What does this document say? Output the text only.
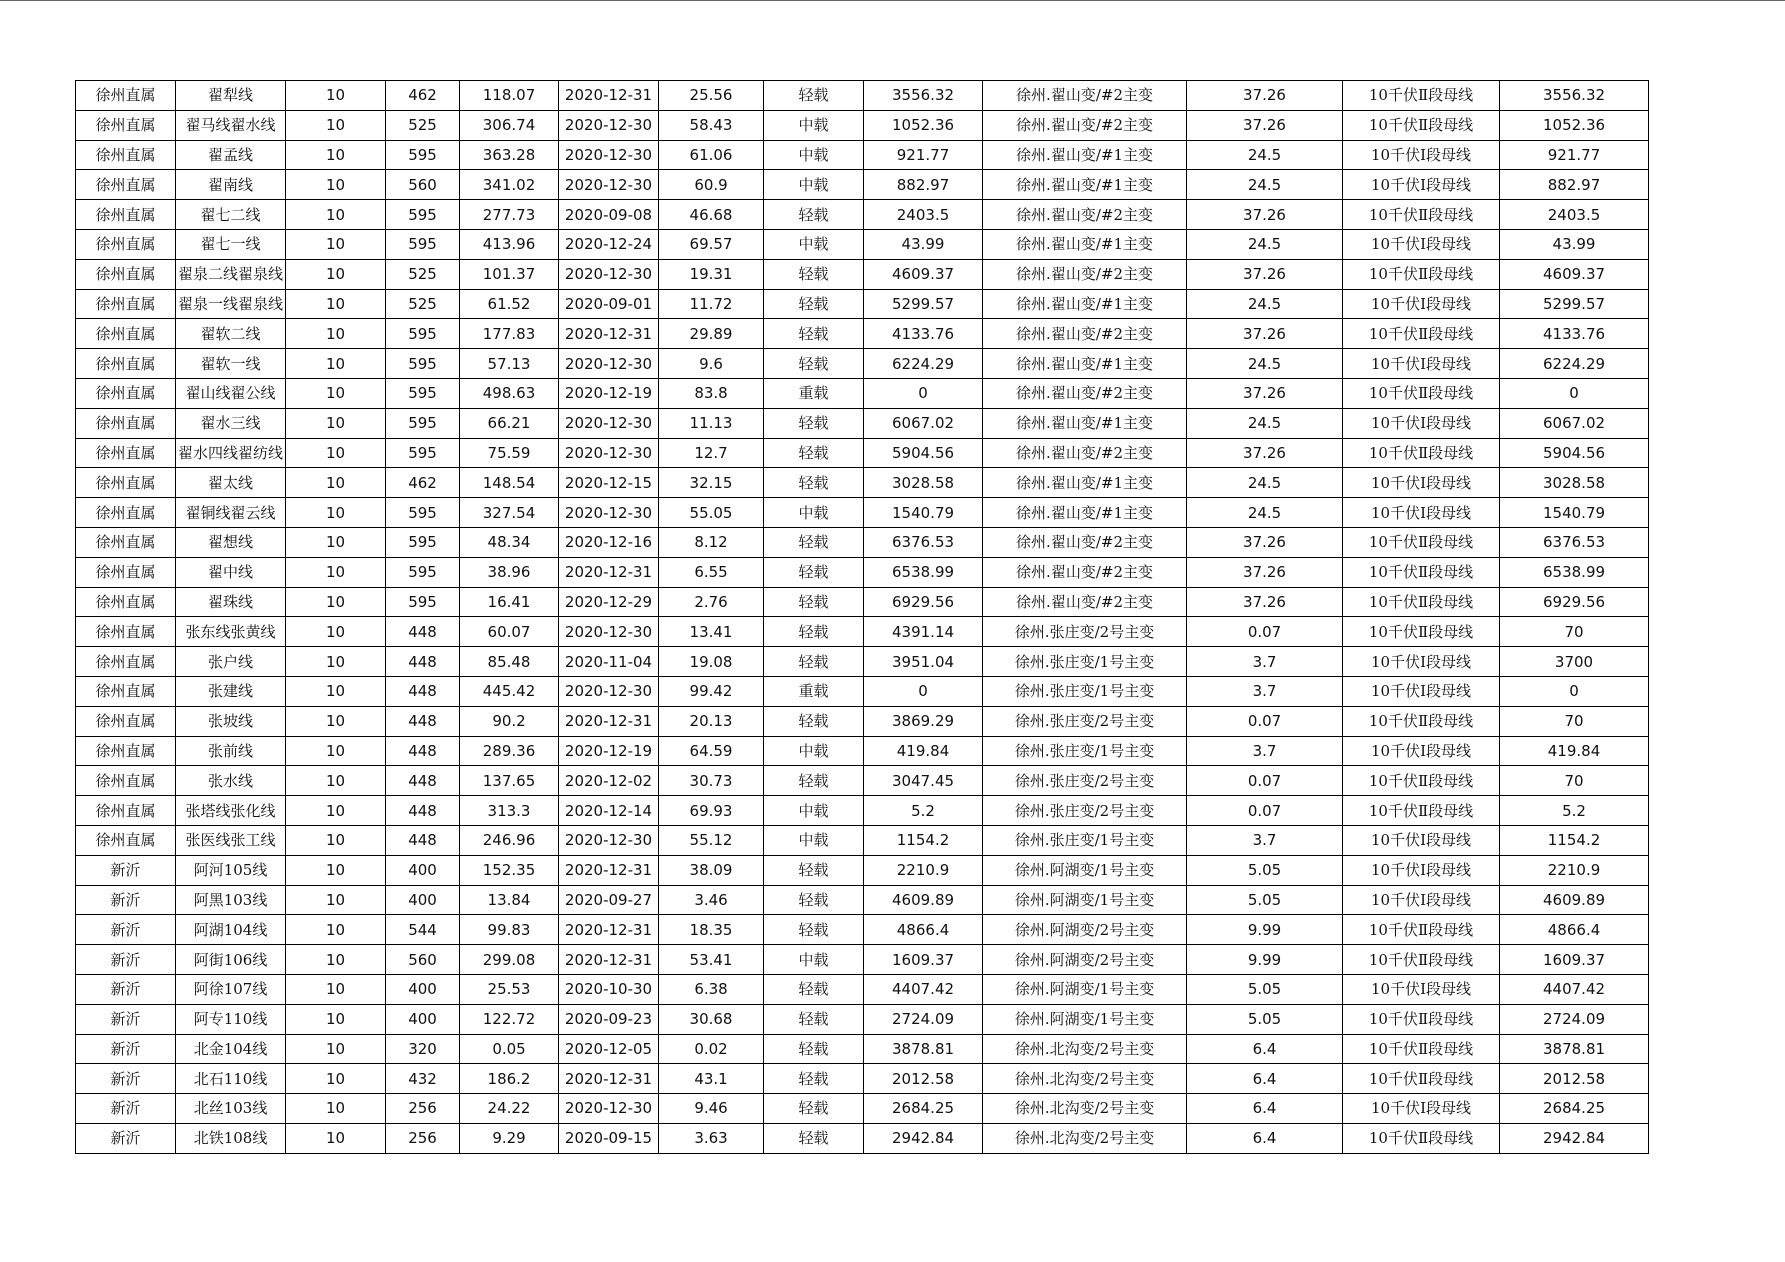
徐州直属	翟犁线	10	462	118.07	2020-12-31	25.56	轻载	3556.32	徐州.翟山变/#2主变	37.26	10千伏Ⅱ段母线	3556.32
徐州直属	翟马线翟水线	10	525	306.74	2020-12-30	58.43	中载	1052.36	徐州.翟山变/#2主变	37.26	10千伏Ⅱ段母线	1052.36
徐州直属	翟孟线	10	595	363.28	2020-12-30	61.06	中载	921.77	徐州.翟山变/#1主变	24.5	10千伏Ⅰ段母线	921.77
徐州直属	翟南线	10	560	341.02	2020-12-30	60.9	中载	882.97	徐州.翟山变/#1主变	24.5	10千伏Ⅰ段母线	882.97
徐州直属	翟七二线	10	595	277.73	2020-09-08	46.68	轻载	2403.5	徐州.翟山变/#2主变	37.26	10千伏Ⅱ段母线	2403.5
徐州直属	翟七一线	10	595	413.96	2020-12-24	69.57	中载	43.99	徐州.翟山变/#1主变	24.5	10千伏Ⅰ段母线	43.99
徐州直属	翟泉二线翟泉线	10	525	101.37	2020-12-30	19.31	轻载	4609.37	徐州.翟山变/#2主变	37.26	10千伏Ⅱ段母线	4609.37
徐州直属	翟泉一线翟泉线	10	525	61.52	2020-09-01	11.72	轻载	5299.57	徐州.翟山变/#1主变	24.5	10千伏Ⅰ段母线	5299.57
徐州直属	翟软二线	10	595	177.83	2020-12-31	29.89	轻载	4133.76	徐州.翟山变/#2主变	37.26	10千伏Ⅱ段母线	4133.76
徐州直属	翟软一线	10	595	57.13	2020-12-30	9.6	轻载	6224.29	徐州.翟山变/#1主变	24.5	10千伏Ⅰ段母线	6224.29
徐州直属	翟山线翟公线	10	595	498.63	2020-12-19	83.8	重载	0	徐州.翟山变/#2主变	37.26	10千伏Ⅱ段母线	0
徐州直属	翟水三线	10	595	66.21	2020-12-30	11.13	轻载	6067.02	徐州.翟山变/#1主变	24.5	10千伏Ⅰ段母线	6067.02
徐州直属	翟水四线翟纺线	10	595	75.59	2020-12-30	12.7	轻载	5904.56	徐州.翟山变/#2主变	37.26	10千伏Ⅱ段母线	5904.56
徐州直属	翟太线	10	462	148.54	2020-12-15	32.15	轻载	3028.58	徐州.翟山变/#1主变	24.5	10千伏Ⅰ段母线	3028.58
徐州直属	翟铜线翟云线	10	595	327.54	2020-12-30	55.05	中载	1540.79	徐州.翟山变/#1主变	24.5	10千伏Ⅰ段母线	1540.79
徐州直属	翟想线	10	595	48.34	2020-12-16	8.12	轻载	6376.53	徐州.翟山变/#2主变	37.26	10千伏Ⅱ段母线	6376.53
徐州直属	翟中线	10	595	38.96	2020-12-31	6.55	轻载	6538.99	徐州.翟山变/#2主变	37.26	10千伏Ⅱ段母线	6538.99
徐州直属	翟珠线	10	595	16.41	2020-12-29	2.76	轻载	6929.56	徐州.翟山变/#2主变	37.26	10千伏Ⅱ段母线	6929.56
徐州直属	张东线张黄线	10	448	60.07	2020-12-30	13.41	轻载	4391.14	徐州.张庄变/2号主变	0.07	10千伏Ⅱ段母线	70
徐州直属	张户线	10	448	85.48	2020-11-04	19.08	轻载	3951.04	徐州.张庄变/1号主变	3.7	10千伏Ⅰ段母线	3700
徐州直属	张建线	10	448	445.42	2020-12-30	99.42	重载	0	徐州.张庄变/1号主变	3.7	10千伏Ⅰ段母线	0
徐州直属	张坡线	10	448	90.2	2020-12-31	20.13	轻载	3869.29	徐州.张庄变/2号主变	0.07	10千伏Ⅱ段母线	70
徐州直属	张前线	10	448	289.36	2020-12-19	64.59	中载	419.84	徐州.张庄变/1号主变	3.7	10千伏Ⅰ段母线	419.84
徐州直属	张水线	10	448	137.65	2020-12-02	30.73	轻载	3047.45	徐州.张庄变/2号主变	0.07	10千伏Ⅱ段母线	70
徐州直属	张塔线张化线	10	448	313.3	2020-12-14	69.93	中载	5.2	徐州.张庄变/2号主变	0.07	10千伏Ⅱ段母线	5.2
徐州直属	张医线张工线	10	448	246.96	2020-12-30	55.12	中载	1154.2	徐州.张庄变/1号主变	3.7	10千伏Ⅰ段母线	1154.2
新沂	阿河105线	10	400	152.35	2020-12-31	38.09	轻载	2210.9	徐州.阿湖变/1号主变	5.05	10千伏Ⅰ段母线	2210.9
新沂	阿黑103线	10	400	13.84	2020-09-27	3.46	轻载	4609.89	徐州.阿湖变/1号主变	5.05	10千伏Ⅰ段母线	4609.89
新沂	阿湖104线	10	544	99.83	2020-12-31	18.35	轻载	4866.4	徐州.阿湖变/2号主变	9.99	10千伏Ⅱ段母线	4866.4
新沂	阿街106线	10	560	299.08	2020-12-31	53.41	中载	1609.37	徐州.阿湖变/2号主变	9.99	10千伏Ⅱ段母线	1609.37
新沂	阿徐107线	10	400	25.53	2020-10-30	6.38	轻载	4407.42	徐州.阿湖变/1号主变	5.05	10千伏Ⅰ段母线	4407.42
新沂	阿专110线	10	400	122.72	2020-09-23	30.68	轻载	2724.09	徐州.阿湖变/1号主变	5.05	10千伏Ⅱ段母线	2724.09
新沂	北金104线	10	320	0.05	2020-12-05	0.02	轻载	3878.81	徐州.北沟变/2号主变	6.4	10千伏Ⅱ段母线	3878.81
新沂	北石110线	10	432	186.2	2020-12-31	43.1	轻载	2012.58	徐州.北沟变/2号主变	6.4	10千伏Ⅱ段母线	2012.58
新沂	北丝103线	10	256	24.22	2020-12-30	9.46	轻载	2684.25	徐州.北沟变/2号主变	6.4	10千伏Ⅰ段母线	2684.25
新沂	北铁108线	10	256	9.29	2020-09-15	3.63	轻载	2942.84	徐州.北沟变/2号主变	6.4	10千伏Ⅱ段母线	2942.84
